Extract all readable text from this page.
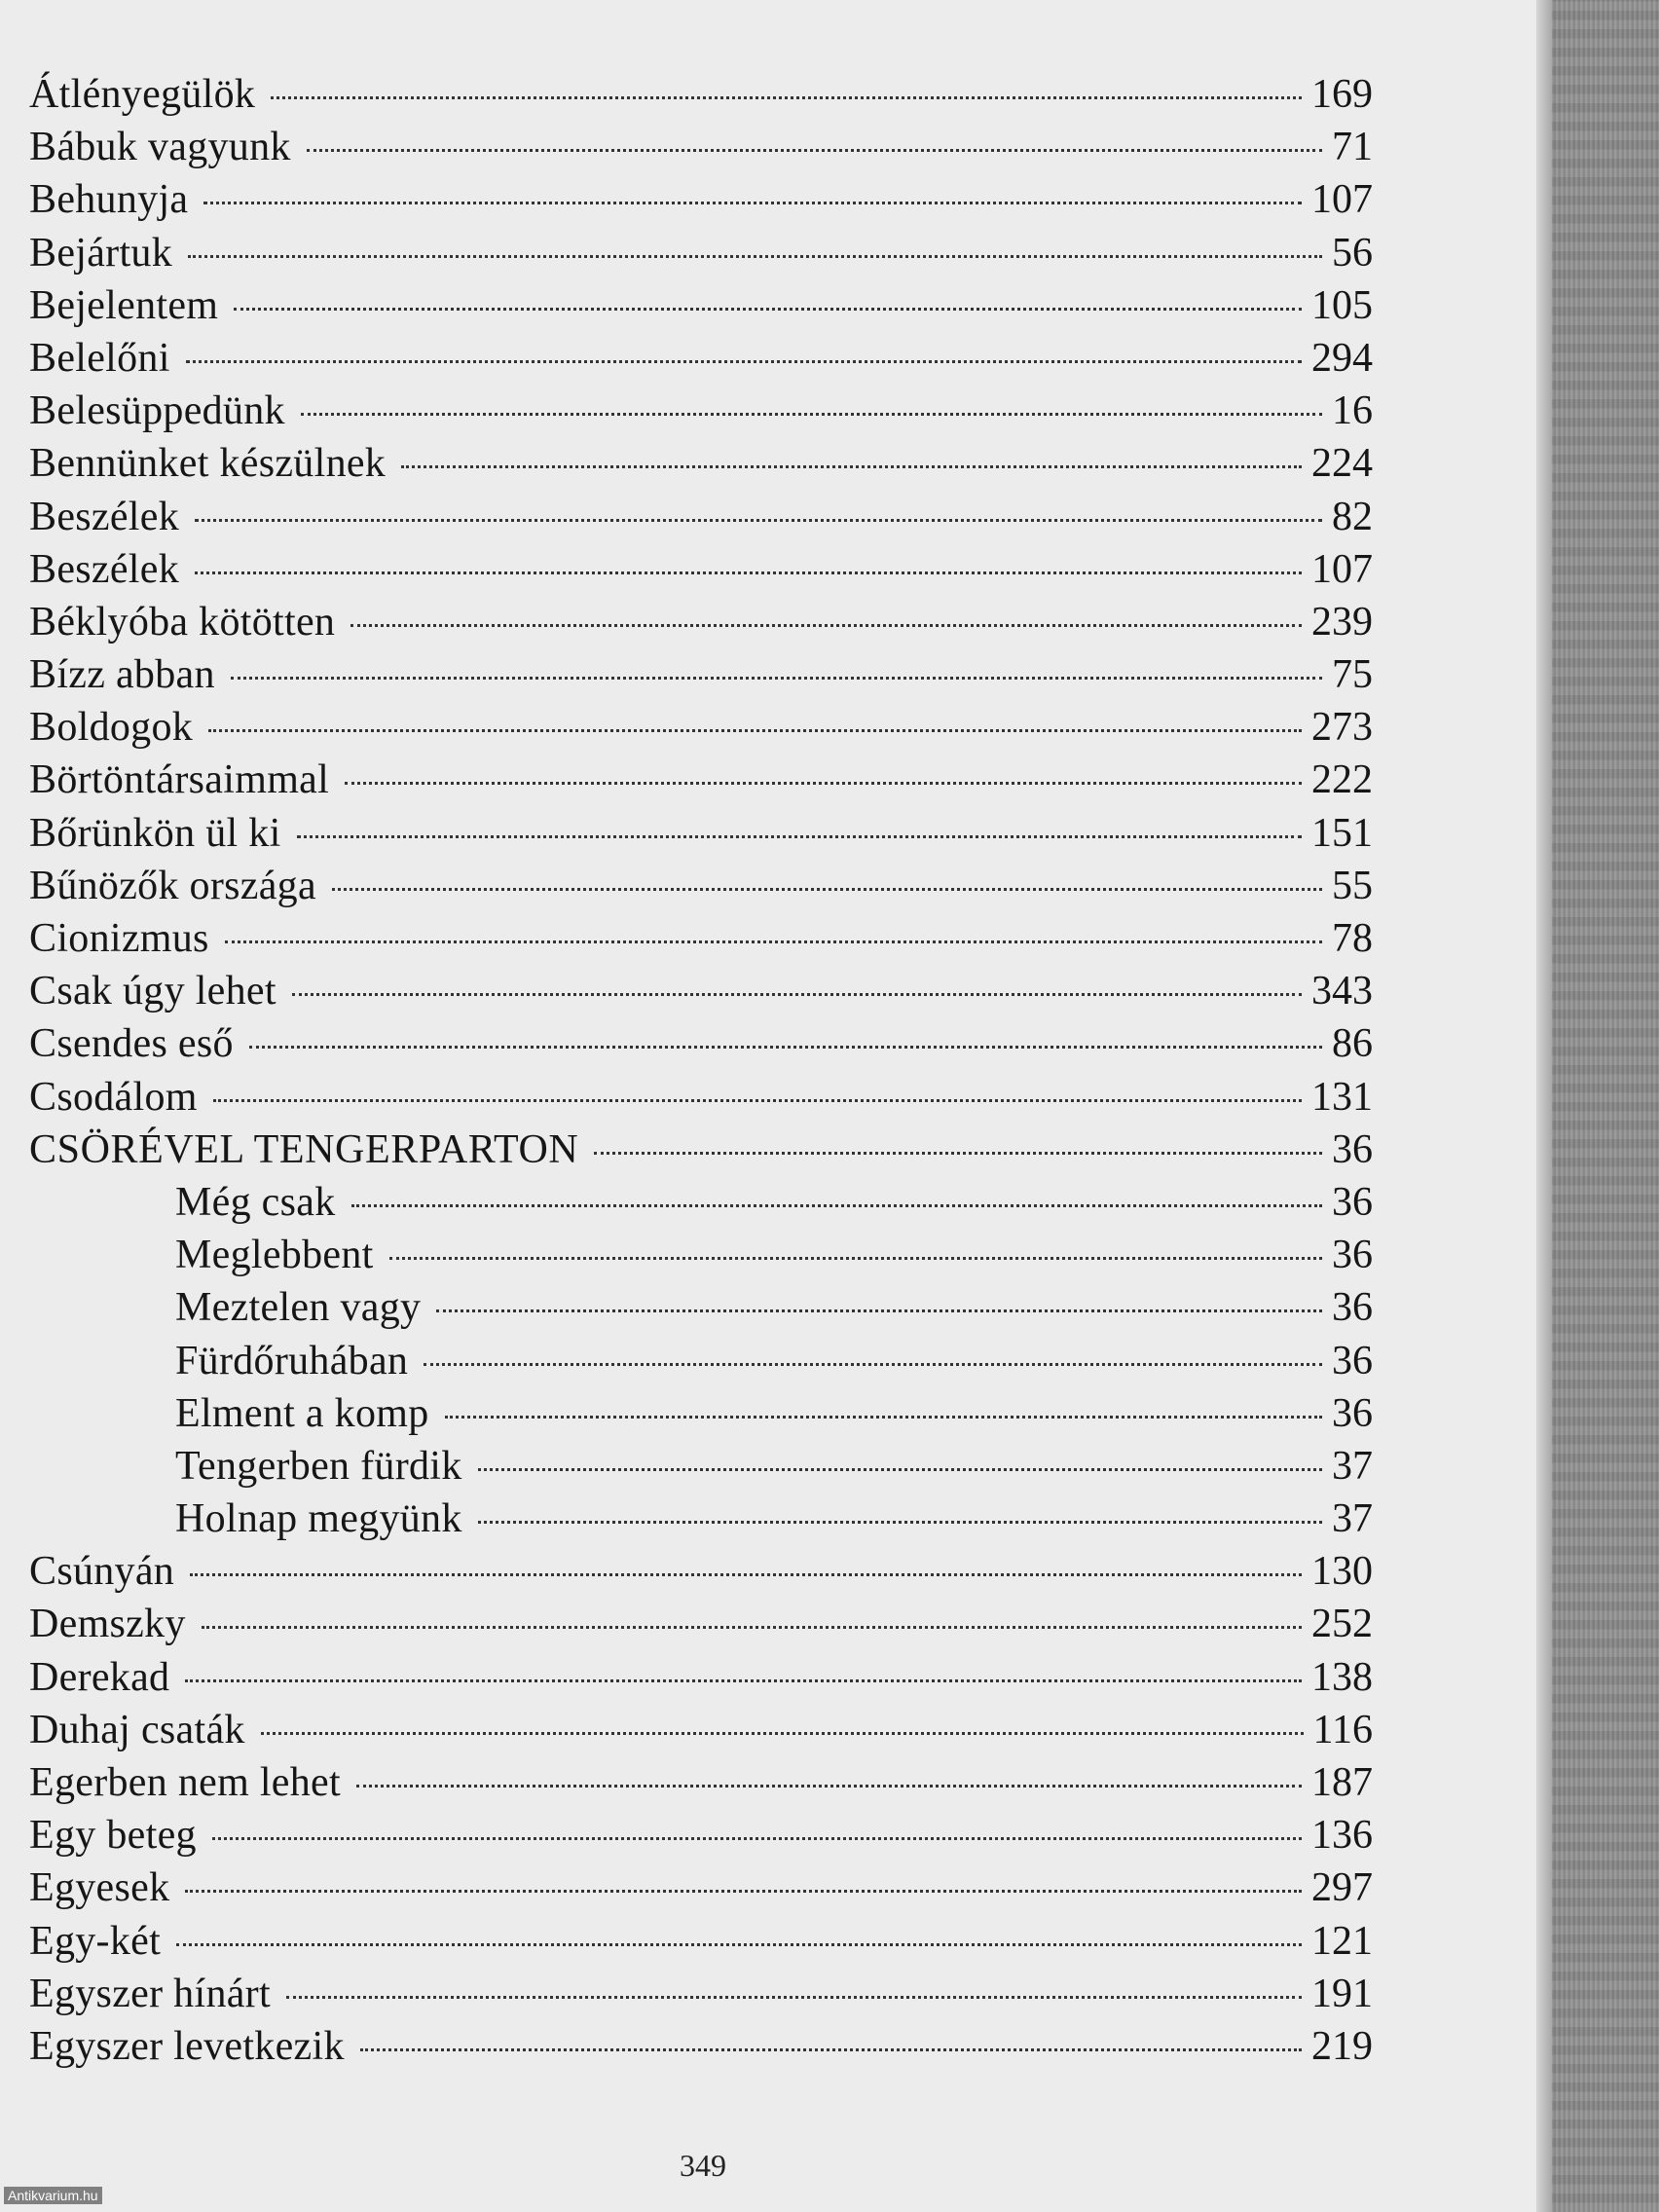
Átlényegülök	169
Bábuk vagyunk	71
Behunyja	107
Bejártuk	56
Bejelentem	105
Belelőni	294
Belesüppedünk	16
Bennünket készülnek	224
Beszélek	82
Beszélek	107
Béklyóba kötötten	239
Bízz abban	75
Boldogok	273
Börtöntársaimmal	222
Bőrünkön ül ki	151
Bűnözők országa	55
Cionizmus	78
Csak úgy lehet	343
Csendes eső	86
Csodálom	131
CSÖRÉVEL TENGERPARTON	36
Még csak	36
Meglebbent	36
Meztelen vagy	36
Fürdőruhában	36
Elment a komp	36
Tengerben fürdik	37
Holnap megyünk	37
Csúnyán	130
Demszky	252
Derekad	138
Duhaj csaták	116
Egerben nem lehet	187
Egy beteg	136
Egyesek	297
Egy-két	121
Egyszer hínárt	191
Egyszer levetkezik	219
349
Antikvarium.hu
